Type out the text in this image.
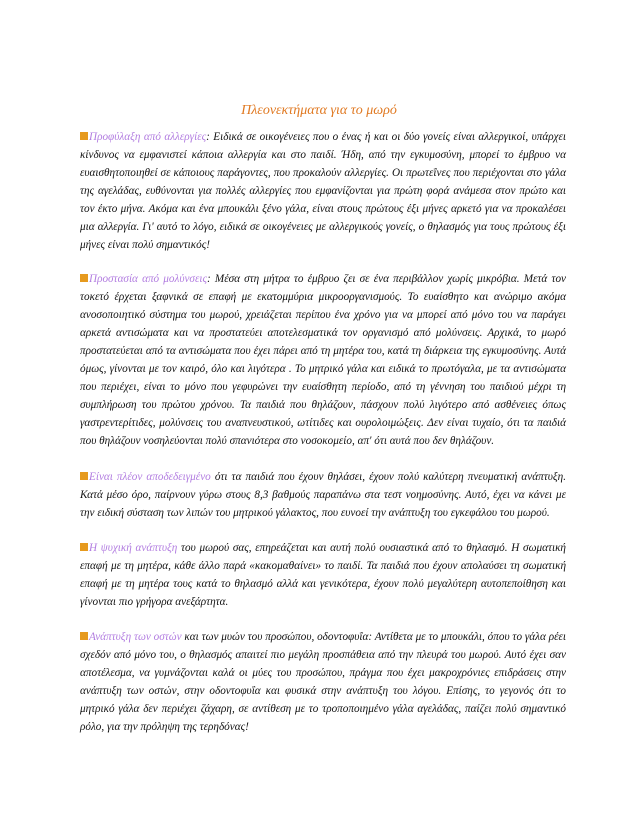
Πλεονεκτήματα για το μωρό

Προφύλαξη από αλλεργίες: Ειδικά σε οικογένειες που ο ένας ή και οι δύο γονείς είναι αλλεργικοί, υπάρχει κίνδυνος να εμφανιστεί κάποια αλλεργία και στο παιδί. Ήδη, από την εγκυμοσύνη, μπορεί το έμβρυο να ευαισθητοποιηθεί σε κάποιους παράγοντες, που προκαλούν αλλεργίες. Οι πρωτεΐνες που περιέχονται στο γάλα της αγελάδας, ευθύνονται για πολλές αλλεργίες που εμφανίζονται για πρώτη φορά ανάμεσα στον πρώτο και τον έκτο μήνα. Ακόμα και ένα μπουκάλι ξένο γάλα, είναι στους πρώτους έξι μήνες αρκετό για να προκαλέσει μια αλλεργία. Γι' αυτό το λόγο, ειδικά σε οικογένειες με αλλεργικούς γονείς, ο θηλασμός για τους πρώτους έξι μήνες είναι πολύ σημαντικός!

Προστασία από μολύνσεις: Μέσα στη μήτρα το έμβρυο ζει σε ένα περιβάλλον χωρίς μικρόβια. Μετά τον τοκετό έρχεται ξαφνικά σε επαφή με εκατομμύρια μικροοργανισμούς. Το ευαίσθητο και ανώριμο ακόμα ανοσοποιητικό σύστημα του μωρού, χρειάζεται περίπου ένα χρόνο για να μπορεί από μόνο του να παράγει αρκετά αντισώματα και να προστατεύει αποτελεσματικά τον οργανισμό από μολύνσεις. Αρχικά, το μωρό προστατεύεται από τα αντισώματα που έχει πάρει από τη μητέρα του, κατά τη διάρκεια της εγκυμοσύνης. Αυτά όμως, γίνονται με τον καιρό, όλο και λιγότερα . Το μητρικό γάλα και ειδικά το πρωτόγαλα, με τα αντισώματα που περιέχει, είναι το μόνο που γεφυρώνει την ευαίσθητη περίοδο, από τη γέννηση του παιδιού μέχρι τη συμπλήρωση του πρώτου χρόνου. Τα παιδιά που θηλάζουν, πάσχουν πολύ λιγότερο από ασθένειες όπως γαστρεντερίτιδες, μολύνσεις του αναπνευστικού, ωτίτιδες και ουρολοιμώξεις. Δεν είναι τυχαίο, ότι τα παιδιά που θηλάζουν νοσηλεύονται πολύ σπανιότερα στο νοσοκομείο, απ' ότι αυτά που δεν θηλάζουν.

Είναι πλέον αποδεδειγμένο ότι τα παιδιά που έχουν θηλάσει, έχουν πολύ καλύτερη πνευματική ανάπτυξη. Κατά μέσο όρο, παίρνουν γύρω στους 8,3 βαθμούς παραπάνω στα τεστ νοημοσύνης. Αυτό, έχει να κάνει με την ειδική σύσταση των λιπών του μητρικού γάλακτος, που ευνοεί την ανάπτυξη του εγκεφάλου του μωρού.

Η ψυχική ανάπτυξη του μωρού σας, επηρεάζεται και αυτή πολύ ουσιαστικά από το θηλασμό. Η σωματική επαφή με τη μητέρα, κάθε άλλο παρά «κακομαθαίνει» το παιδί. Τα παιδιά που έχουν απολαύσει τη σωματική επαφή με τη μητέρα τους κατά το θηλασμό αλλά και γενικότερα, έχουν πολύ μεγαλύτερη αυτοπεποίθηση και γίνονται πιο γρήγορα ανεξάρτητα.

Ανάπτυξη των οστών και των μυών του προσώπου, οδοντοφυΐα: Αντίθετα με το μπουκάλι, όπου το γάλα ρέει σχεδόν από μόνο του, ο θηλασμός απαιτεί πιο μεγάλη προσπάθεια από την πλευρά του μωρού. Αυτό έχει σαν αποτέλεσμα, να γυμνάζονται καλά οι μύες του προσώπου, πράγμα που έχει μακροχρόνιες επιδράσεις στην ανάπτυξη των οστών, στην οδοντοφυΐα και φυσικά στην ανάπτυξη του λόγου. Επίσης, το γεγονός ότι το μητρικό γάλα δεν περιέχει ζάχαρη, σε αντίθεση με το τροποποιημένο γάλα αγελάδας, παίζει πολύ σημαντικό ρόλο, για την πρόληψη της τερηδόνας!
